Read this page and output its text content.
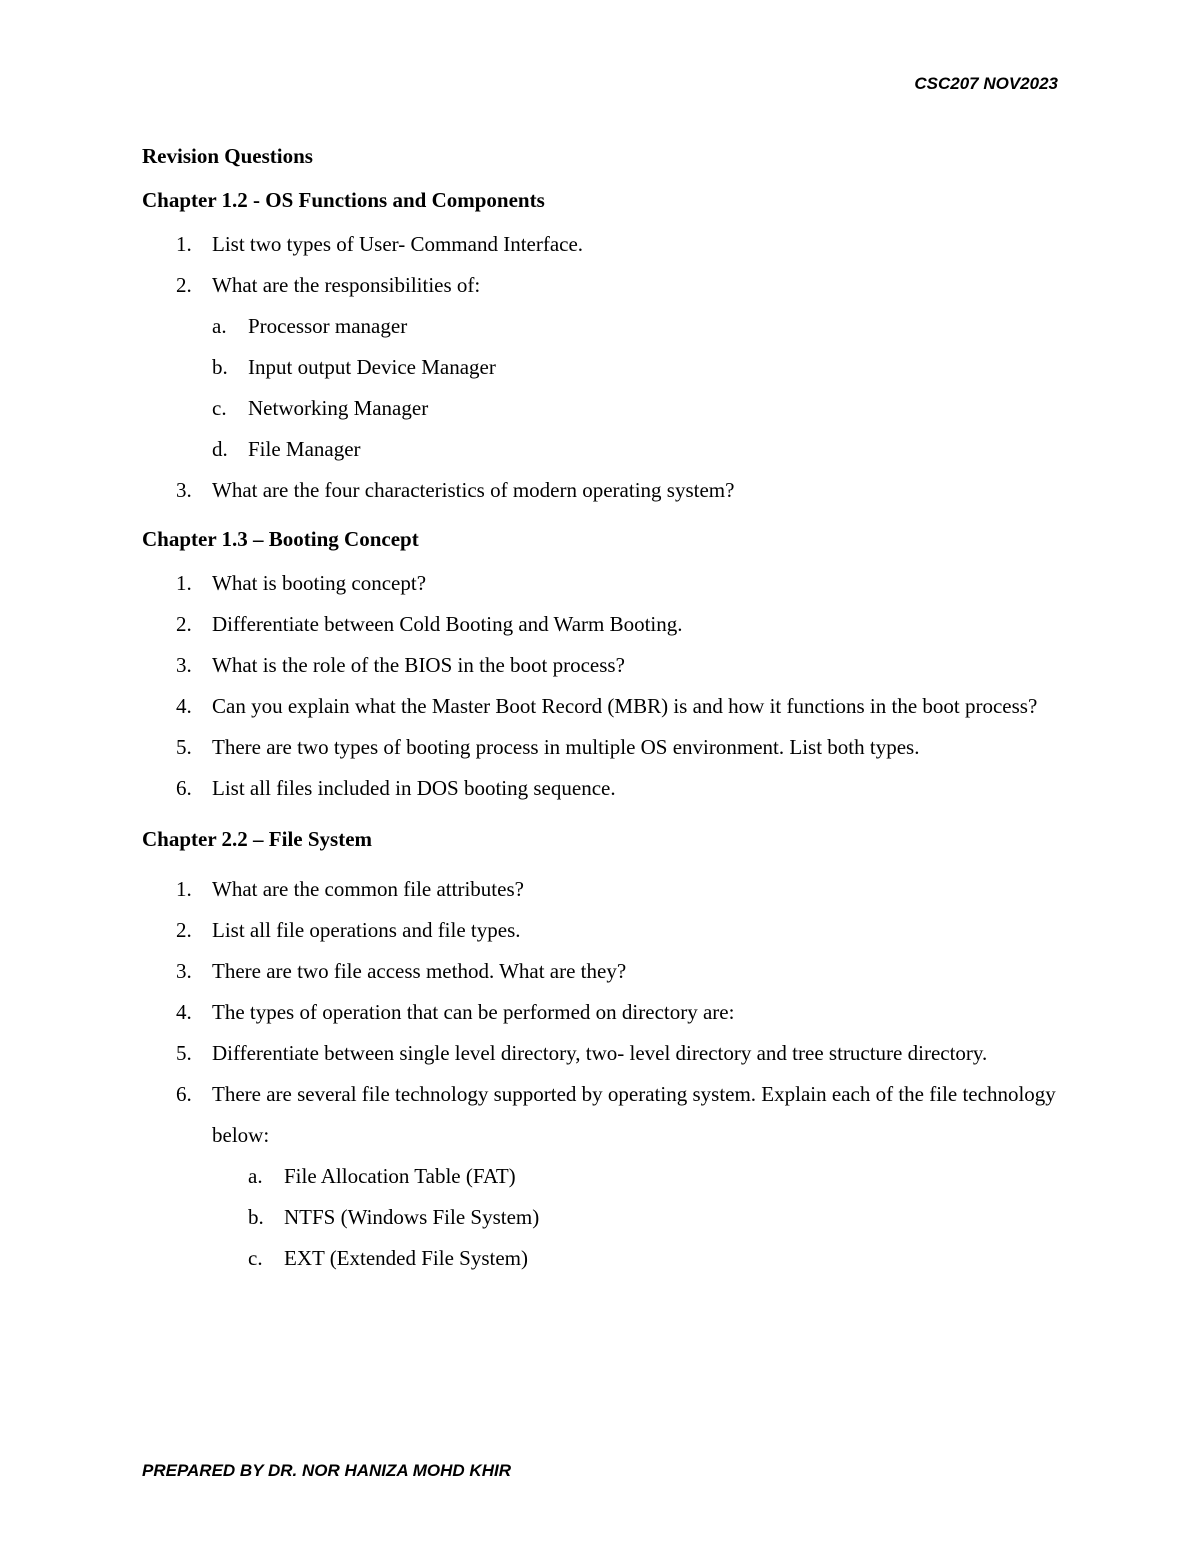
CSC207 NOV2023
Revision Questions
Chapter 1.2 - OS Functions and Components
1. List two types of User- Command Interface.
2. What are the responsibilities of:
a. Processor manager
b. Input output Device Manager
c. Networking Manager
d. File Manager
3. What are the four characteristics of modern operating system?
Chapter 1.3 – Booting Concept
1. What is booting concept?
2. Differentiate between Cold Booting and Warm Booting.
3. What is the role of the BIOS in the boot process?
4. Can you explain what the Master Boot Record (MBR) is and how it functions in the boot process?
5. There are two types of booting process in multiple OS environment. List both types.
6. List all files included in DOS booting sequence.
Chapter 2.2 – File System
1. What are the common file attributes?
2. List all file operations and file types.
3. There are two file access method. What are they?
4. The types of operation that can be performed on directory are:
5. Differentiate between single level directory, two- level directory and tree structure directory.
6. There are several file technology supported by operating system. Explain each of the file technology below:
a. File Allocation Table (FAT)
b. NTFS (Windows File System)
c. EXT (Extended File System)
PREPARED BY DR. NOR HANIZA MOHD KHIR
